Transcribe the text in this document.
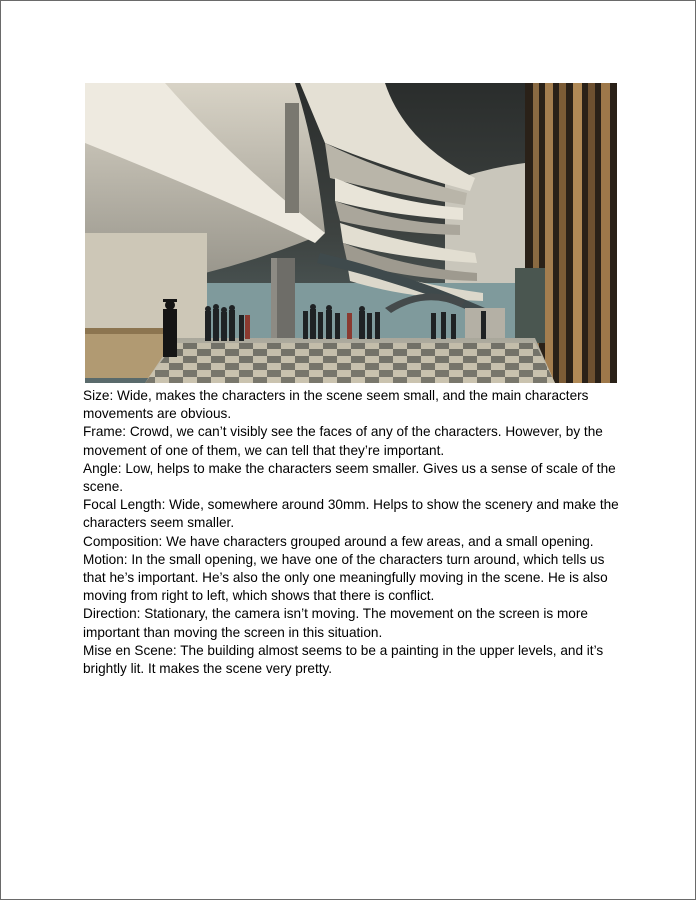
Size: Wide, makes the characters in the scene seem small, and the main characters movements are obvious.

Frame: Crowd, we can’t visibly see the faces of any of the characters. However, by the movement of one of them, we can tell that they’re important.

Angle: Low, helps to make the characters seem smaller. Gives us a sense of scale of the scene.

Focal Length: Wide, somewhere around 30mm. Helps to show the scenery and make the characters seem smaller.

Composition: We have characters grouped around a few areas, and a small opening.

Motion: In the small opening, we have one of the characters turn around, which tells us that he’s important. He’s also the only one meaningfully moving in the scene. He is also moving from right to left, which shows that there is conflict.

Direction: Stationary, the camera isn’t moving. The movement on the screen is more important than moving the screen in this situation.

Mise en Scene: The building almost seems to be a painting in the upper levels, and it’s brightly lit. It makes the scene very pretty.
